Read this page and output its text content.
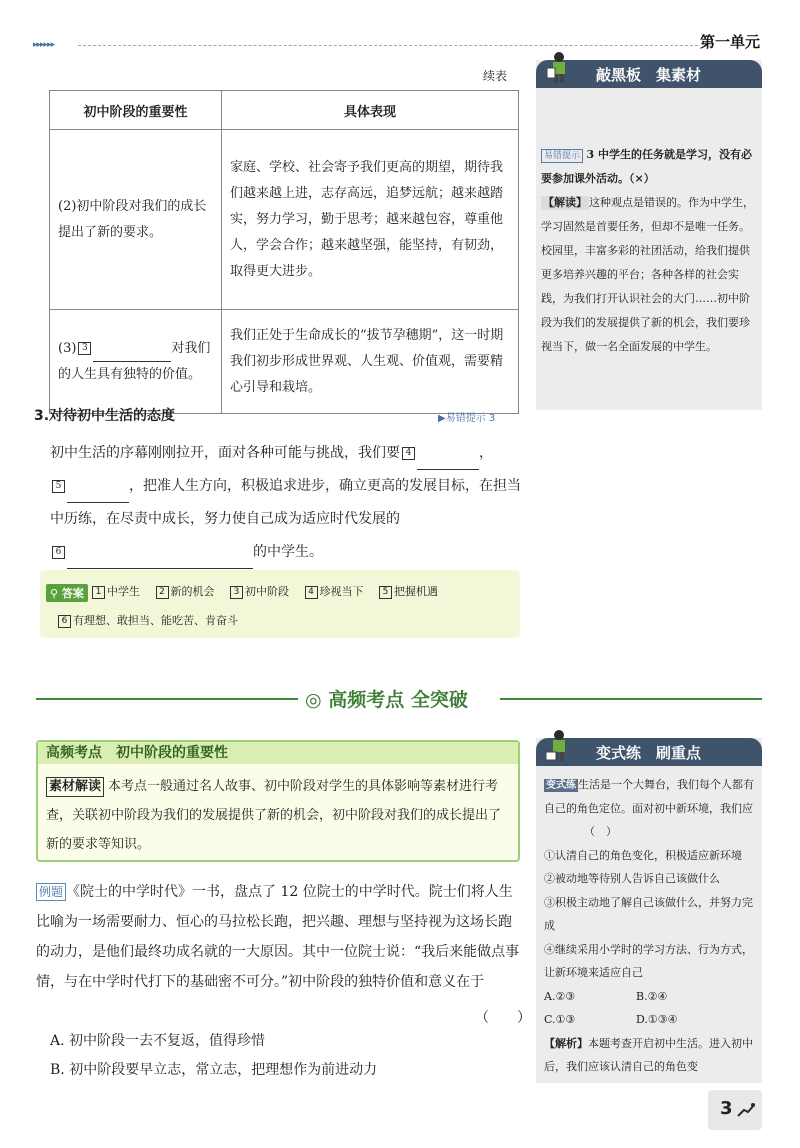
▸▸▸▸▸▸	第一单元
续表
初中阶段的重要性	具体表现
(2)初中阶段对我们的成长提出了新的要求。	家庭、学校、社会寄予我们更高的期望，期待我们越来越上进，志存高远，追梦远航；越来越踏实，努力学习，勤于思考；越来越包容，尊重他人，学会合作；越来越坚强，能坚持，有韧劲，取得更大进步。
(3) 3 对我们的人生具有独特的价值。	我们正处于生命成长的“拔节孕穗期”，这一时期我们初步形成世界观、人生观、价值观，需要精心引导和栽培。
3.对待初中生活的态度	▶易错提示 3
初中生活的序幕刚刚拉开，面对各种可能与挑战，我们要 4	，
5	，把准人生方向，积极追求进步，确立更高的发展目标，在担当中历练，在尽责中成长，努力使自己成为适应时代发展的
6	的中学生。
⚲ 答案	1 中学生 2 新的机会 3 初中阶段 4 珍视当下 5 把握机遇
6 有理想、敢担当、能吃苦、肯奋斗
敲黑板　集素材
易错提示 3 中学生的任务就是学习，没有必要参加课外活动。（×）
【解读】 这种观点是错误的。作为中学生，学习固然是首要任务，但却不是唯一任务。校园里，丰富多彩的社团活动，给我们提供更多培养兴趣的平台；各种各样的社会实践，为我们打开认识社会的大门……初中阶段为我们的发展提供了新的机会，我们要珍视当下，做一名全面发展的中学生。
◎ 高频考点 全突破
高频考点 初中阶段的重要性
素材解读 本考点一般通过名人故事、初中阶段对学生的具体影响等素材进行考查，关联初中阶段为我们的发展提供了新的机会，初中阶段对我们的成长提出了新的要求等知识。
例题 《院士的中学时代》一书，盘点了 12 位院士的中学时代。院士们将人生比喻为一场需要耐力、恒心的马拉松长跑，把兴趣、理想与坚持视为这场长跑的动力，是他们最终功成名就的一大原因。其中一位院士说：“我后来能做点事情，与在中学时代打下的基础密不可分。”初中阶段的独特价值和意义在于
（　　）
A. 初中阶段一去不复返，值得珍惜
B. 初中阶段要早立志，常立志，把理想作为前进动力
变式练　刷重点
变式练 生活是一个大舞台，我们每个人都有自己的角色定位。面对初中新环境，我们应（　）
①认清自己的角色变化，积极适应新环境
②被动地等待别人告诉自己该做什么
③积极主动地了解自己该做什么，并努力完成
④继续采用小学时的学习方法、行为方式，让新环境来适应自己
A.②③	B.②④
C.①③	D.①③④
【解析】本题考查开启初中生活。进入初中后，我们应该认清自己的角色变
3
